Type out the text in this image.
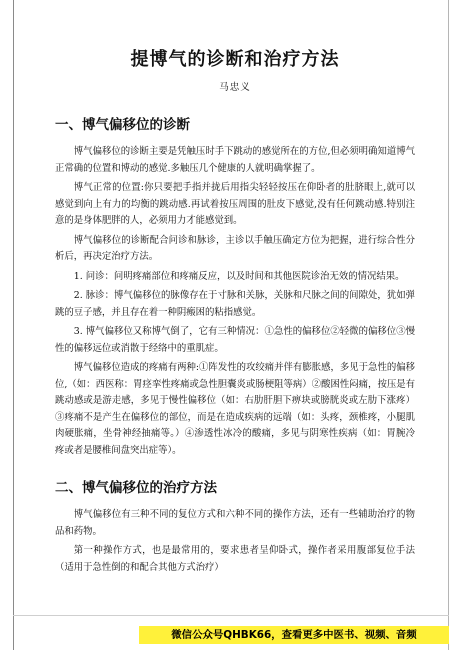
提博气的诊断和治疗方法
马忠义
一、博气偏移位的诊断

博气偏移位的诊断主要是凭触压时手下跳动的感觉所在的方位,但必须明确知道博气正常确的位置和博动的感觉.多触压几个健康的人就明确掌握了。

博气正常的位置:你只要把手指并拢后用指尖轻轻按压在仰卧者的肚脐眼上,就可以感觉到向上有力的均衡的跳动感.再试着按压周围的肚皮下感觉,没有任何跳动感.特别注意的是身体肥胖的人，必须用力才能感觉到。

博气偏移位的诊断配合问诊和脉诊，主诊以手触压确定方位为把握，进行综合性分析后，再决定治疗方法。

1. 问诊：问明疼痛部位和疼痛反应，以及时间和其他医院诊治无效的情况结果。

2. 脉诊：博气偏移位的脉像存在于寸脉和关脉，关脉和尺脉之间的间隙处，犹如弹跳的豆子感，并且存在着一种阴瘢困的粘指感觉。

3. 博气偏移位又称博气倒了，它有三种情况：①急性的偏移位②轻微的偏移位③慢性的偏移远位或消散于经络中的重肌症。

博气偏移位造成的疼痛有两种:①阵发性的攻绞痛并伴有膨胀感，多见于急性的偏移位,（如：西医称：胃痉挛性疼痛或急性胆囊炎或肠梗阻等病）②酸困性闷痛，按压是有跳动感或是游走感，多见于慢性偏移位（如：右肋肝胆下痹块或膀胱炎或左肋下涨疼）③疼痛不是产生在偏移位的部位，而是在造成疾病的远端（如：头疼，颈椎疼，小腿肌肉硬胀痛，坐骨神经抽痛等。）④渗透性冰冷的酸痛，多见与阴寒性疾病（如：胃腕冷疼或者是腰椎间盘突出症等）。

二、博气偏移位的治疗方法

博气偏移位有三种不同的复位方式和六种不同的操作方法，还有一些辅助治疗的物品和药物。

第一种操作方式，也是最常用的，要求患者呈仰卧式，操作者采用腹部复位手法（适用于急性倒的和配合其他方式治疗）

微信公众号QHBK66，查看更多中医书、视频、音频
